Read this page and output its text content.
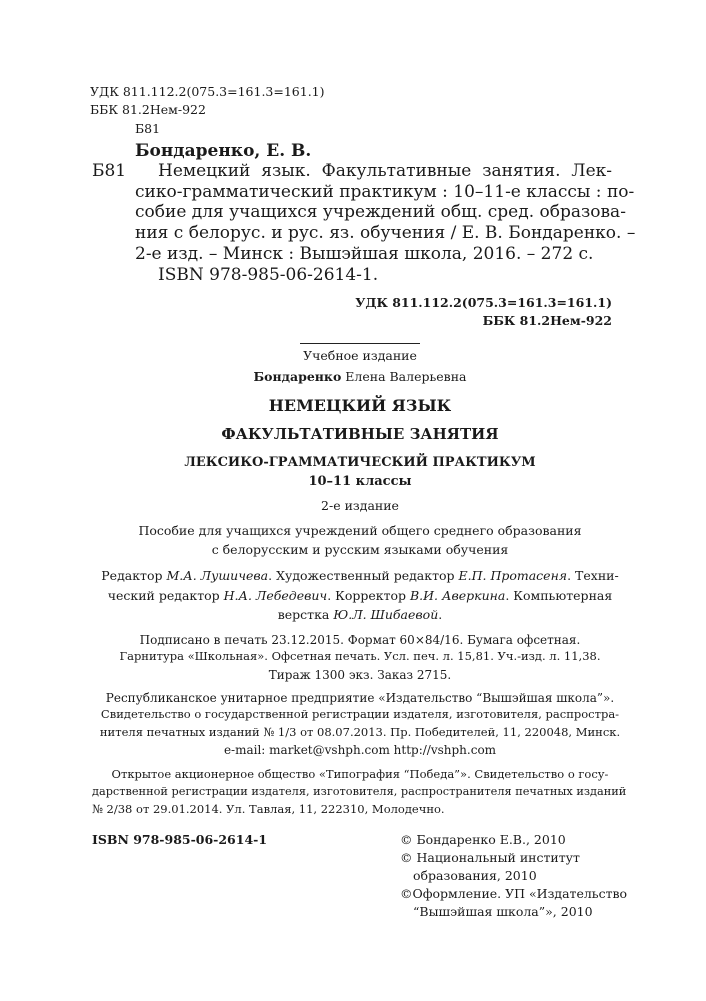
УДК 811.112.2(075.3=161.3=161.1)
ББК 81.2Нем-922
Б81
Бондаренко, Е. В.
Б81 Немецкий язык. Факультативные занятия. Лек-
сико-грамматический практикум : 10–11-е классы : по-
собие для учащихся учреждений общ. сред. образова-
ния с белорус. и рус. яз. обучения / Е. В. Бондаренко. –
2-е изд. – Минск : Вышэйшая школа, 2016. – 272 с.
ISBN 978-985-06-2614-1.
УДК 811.112.2(075.3=161.3=161.1)
ББК 81.2Нем-922
Учебное издание
Бондаренко Елена Валерьевна
НЕМЕЦКИЙ ЯЗЫК
ФАКУЛЬТАТИВНЫЕ ЗАНЯТИЯ
ЛЕКСИКО-ГРАММАТИЧЕСКИЙ ПРАКТИКУМ
10–11 классы
2-е издание
Пособие для учащихся учреждений общего среднего образования
с белорусским и русским языками обучения
Редактор М.А. Лушичева. Художественный редактор Е.П. Протасеня. Техни-
ческий редактор Н.А. Лебедевич. Корректор В.И. Аверкина. Компьютерная
верстка Ю.Л. Шибаевой.
Подписано в печать 23.12.2015. Формат 60×84/16. Бумага офсетная.
Гарнитура «Школьная». Офсетная печать. Усл. печ. л. 15,81. Уч.-изд. л. 11,38.
Тираж 1300 экз. Заказ 2715.
Республиканское унитарное предприятие «Издательство “Вышэйшая школа”».
Свидетельство о государственной регистрации издателя, изготовителя, распростра-
нителя печатных изданий № 1/3 от 08.07.2013. Пр. Победителей, 11, 220048, Минск.
e-mail: market@vshph.com http://vshph.com
Открытое акционерное общество «Типография “Победа”». Свидетельство о госу-
дарственной регистрации издателя, изготовителя, распространителя печатных изданий
№ 2/38 от 29.01.2014. Ул. Тавлая, 11, 222310, Молодечно.
ISBN 978-985-06-2614-1	© Бондаренко Е.В., 2010
© Национальный институт
образования, 2010
©Оформление. УП «Издательство
“Вышэйшая школа”», 2010
